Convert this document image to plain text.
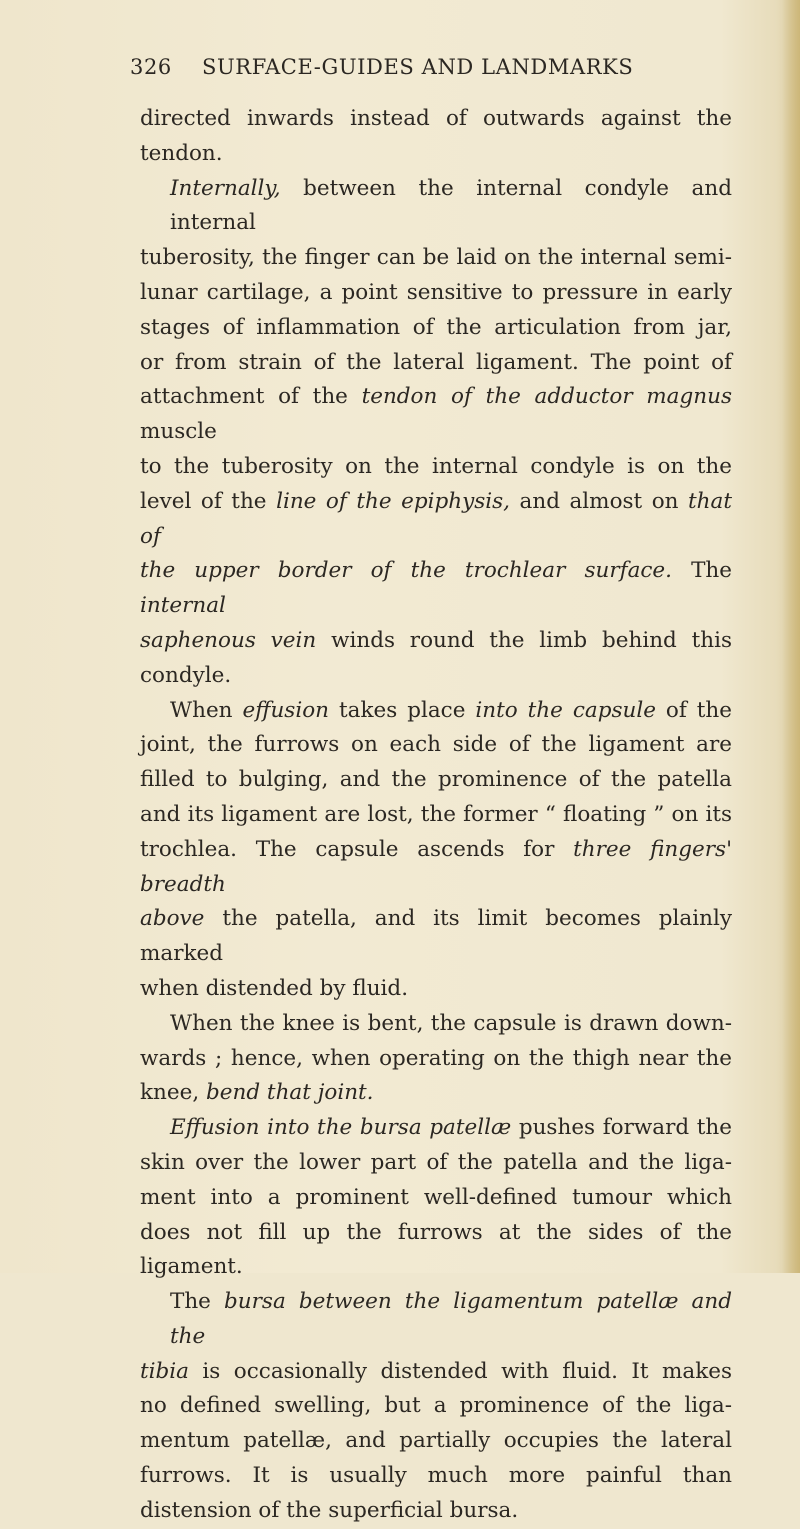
326 SURFACE-GUIDES AND LANDMARKS

directed inwards instead of outwards against the

tendon.

Internally, between the internal condyle and internal

tuberosity, the finger can be laid on the internal semi-

lunar cartilage, a point sensitive to pressure in early

stages of inflammation of the articulation from jar,

or from strain of the lateral ligament. The point of

attachment of the tendon of the adductor magnus muscle

to the tuberosity on the internal condyle is on the

level of the line of the epiphysis, and almost on that of

the upper border of the trochlear surface. The internal

saphenous vein winds round the limb behind this condyle.

When effusion takes place into the capsule of the

joint, the furrows on each side of the ligament are

filled to bulging, and the prominence of the patella

and its ligament are lost, the former “ floating ” on its

trochlea. The capsule ascends for three fingers' breadth

above the patella, and its limit becomes plainly marked

when distended by fluid.

When the knee is bent, the capsule is drawn down-

wards ; hence, when operating on the thigh near the

knee, bend that joint.

Effusion into the bursa patellæ pushes forward the

skin over the lower part of the patella and the liga-

ment into a prominent well-defined tumour which

does not fill up the furrows at the sides of the ligament.

The bursa between the ligamentum patellæ and the

tibia is occasionally distended with fluid. It makes

no defined swelling, but a prominence of the liga-

mentum patellæ, and partially occupies the lateral

furrows. It is usually much more painful than

distension of the superficial bursa.
